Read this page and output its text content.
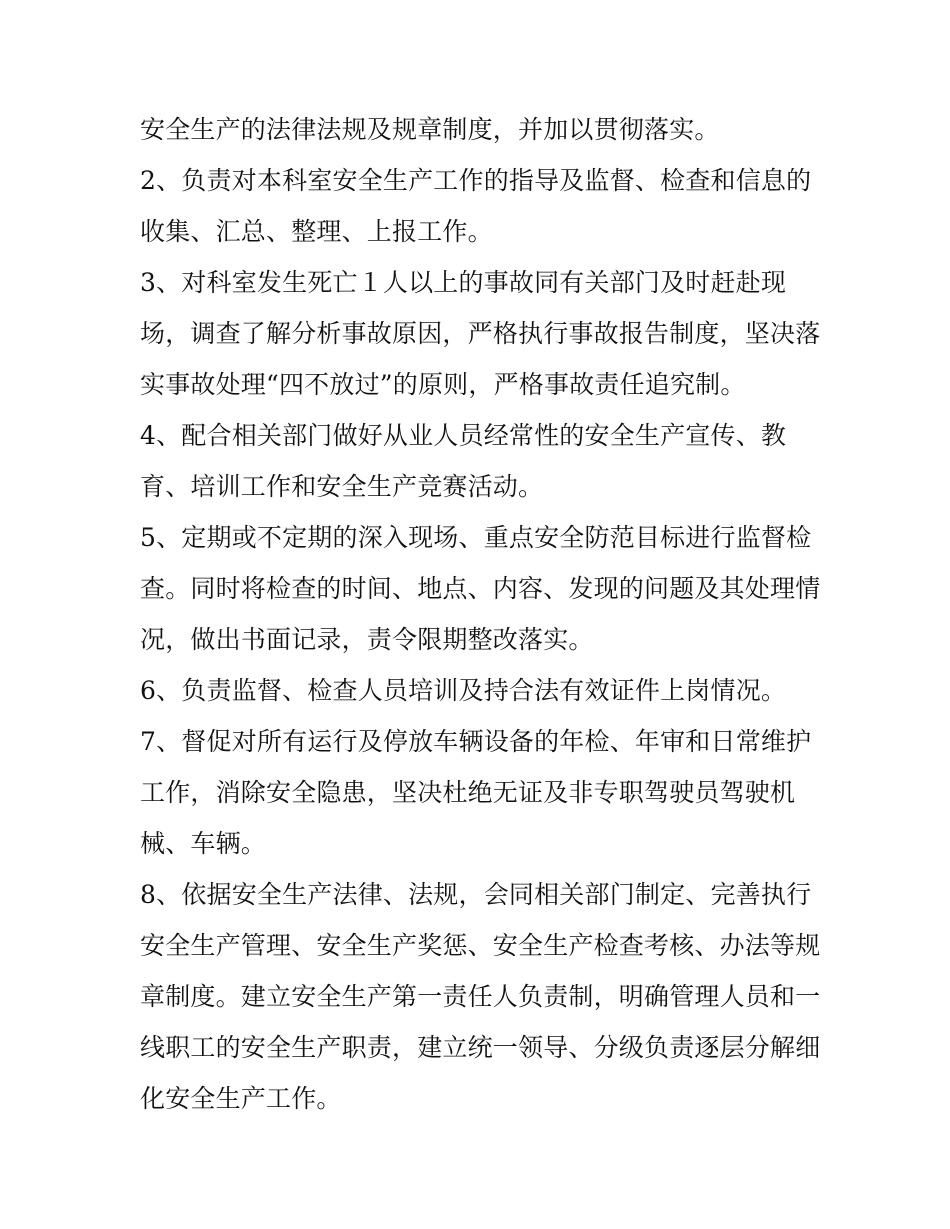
安全生产的法律法规及规章制度，并加以贯彻落实。
2、负责对本科室安全生产工作的指导及监督、检查和信息的
收集、汇总、整理、上报工作。
3、对科室发生死亡１人以上的事故同有关部门及时赶赴现
场，调查了解分析事故原因，严格执行事故报告制度，坚决落
实事故处理“四不放过”的原则，严格事故责任追究制。
4、配合相关部门做好从业人员经常性的安全生产宣传、教
育、培训工作和安全生产竞赛活动。
5、定期或不定期的深入现场、重点安全防范目标进行监督检
查。同时将检查的时间、地点、内容、发现的问题及其处理情
况，做出书面记录，责令限期整改落实。
6、负责监督、检查人员培训及持合法有效证件上岗情况。
7、督促对所有运行及停放车辆设备的年检、年审和日常维护
工作，消除安全隐患，坚决杜绝无证及非专职驾驶员驾驶机
械、车辆。
8、依据安全生产法律、法规，会同相关部门制定、完善执行
安全生产管理、安全生产奖惩、安全生产检查考核、办法等规
章制度。建立安全生产第一责任人负责制，明确管理人员和一
线职工的安全生产职责，建立统一领导、分级负责逐层分解细
化安全生产工作。
